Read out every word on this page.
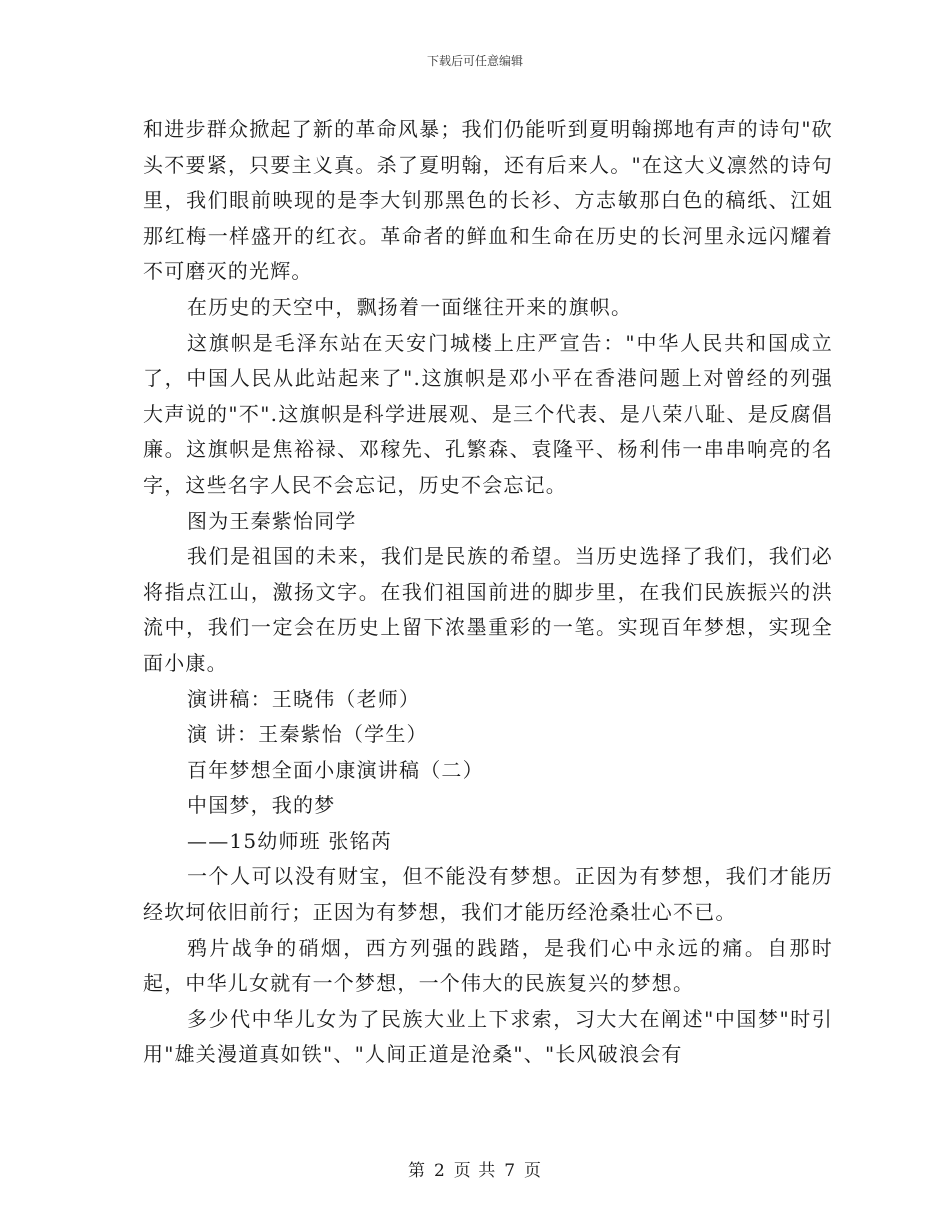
下载后可任意编辑

和进步群众掀起了新的革命风暴；我们仍能听到夏明翰掷地有声的诗句"砍头不要紧，只要主义真。杀了夏明翰，还有后来人。"在这大义凛然的诗句里，我们眼前映现的是李大钊那黑色的长衫、方志敏那白色的稿纸、江姐那红梅一样盛开的红衣。革命者的鲜血和生命在历史的长河里永远闪耀着不可磨灭的光辉。

在历史的天空中，飘扬着一面继往开来的旗帜。

这旗帜是毛泽东站在天安门城楼上庄严宣告："中华人民共和国成立了，中国人民从此站起来了".这旗帜是邓小平在香港问题上对曾经的列强大声说的"不".这旗帜是科学进展观、是三个代表、是八荣八耻、是反腐倡廉。这旗帜是焦裕禄、邓稼先、孔繁森、袁隆平、杨利伟一串串响亮的名字，这些名字人民不会忘记，历史不会忘记。

图为王秦紫怡同学

我们是祖国的未来，我们是民族的希望。当历史选择了我们，我们必将指点江山，激扬文字。在我们祖国前进的脚步里，在我们民族振兴的洪流中，我们一定会在历史上留下浓墨重彩的一笔。实现百年梦想，实现全面小康。

演讲稿：王晓伟（老师）

演 讲：王秦紫怡（学生）

百年梦想全面小康演讲稿（二）

中国梦，我的梦

——15幼师班 张铭芮

一个人可以没有财宝，但不能没有梦想。正因为有梦想，我们才能历经坎坷依旧前行；正因为有梦想，我们才能历经沧桑壮心不已。

鸦片战争的硝烟，西方列强的践踏，是我们心中永远的痛。自那时起，中华儿女就有一个梦想，一个伟大的民族复兴的梦想。

多少代中华儿女为了民族大业上下求索，习大大在阐述"中国梦"时引用"雄关漫道真如铁"、"人间正道是沧桑"、"长风破浪会有

第 2 页 共 7 页
